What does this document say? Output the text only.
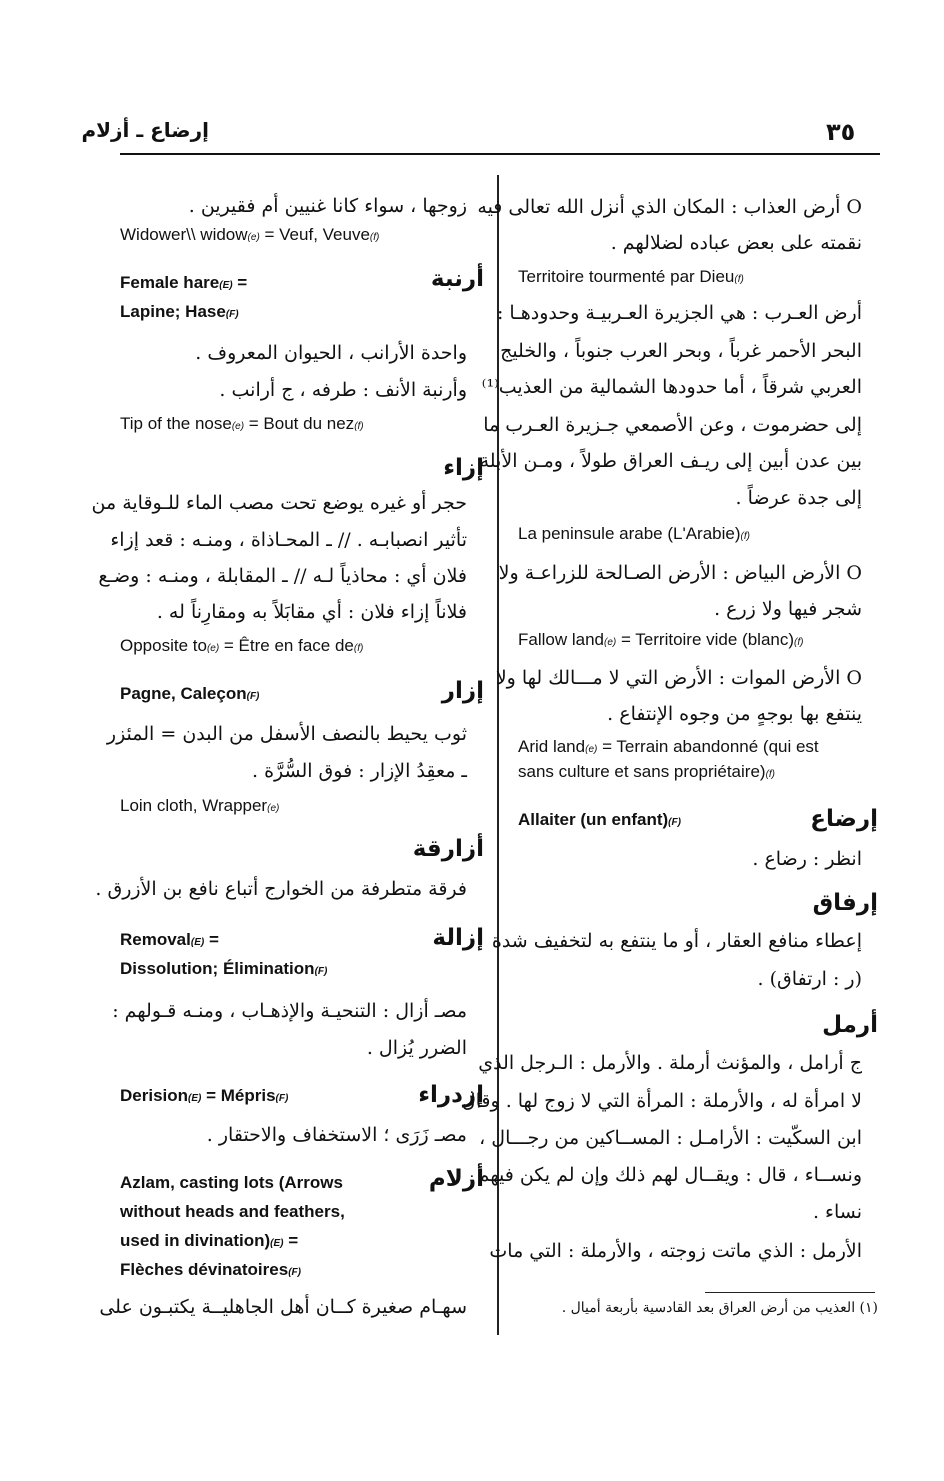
٣٥
إرضاع ـ أزلام
O أرض العذاب : المكان الذي أنزل الله تعالى فيه
نقمته على بعض عباده لضلالهم .
Territoire tourmenté par Dieu(f)
أرض العـرب : هي الجزيرة العـربيـة وحدودهـا :
البحر الأحمر غرباً ، وبحر العرب جنوباً ، والخليج
العربي شرقاً ، أما حدودها الشمالية من العذيب⁽¹⁾
إلى حضرموت ، وعن الأصمعي جـزيرة العـرب ما
بين عدن أبين إلى ريـف العراق طولاً ، ومـن الأبلة
إلى جدة عرضاً .
La peninsule arabe (L'Arabie)(f)
O الأرض البياض : الأرض الصـالحة للزراعـة ولا
شجر فيها ولا زرع .
Fallow land(e) = Territoire vide (blanc)(f)
O الأرض الموات : الأرض التي لا مـــالك لها ولا
ينتفع بها بوجهٍ من وجوه الإنتفاع .
Arid land(e) = Terrain abandonné (qui est
sans culture et sans propriétaire)(f)
إرضاع
Allaiter (un enfant)(F)
انظر : رضاع .
إرفاق
إعطاء منافع العقار ، أو ما ينتفع به لتخفيف شدة
(ر : ارتفاق) .
أرمل
ج أرامل ، والمؤنث أرملة . والأرمل : الـرجل الذي
لا امرأة له ، والأرملة : المرأة التي لا زوج لها . وقال
ابن السكّيت : الأرامـل : المســاكين من رجـــال ،
ونســاء ، قال : ويقــال لهم ذلك وإن لم يكن فيهم
نساء .
الأرمل : الذي ماتت زوجته ، والأرملة : التي مات
(١) العذيب من أرض العراق بعد القادسية بأربعة أميال .
زوجها ، سواء كانا غنيين أم فقيرين .
Widower\\ widow(e) = Veuf, Veuve(f)
أرنبة
Female hare(E) =
Lapine; Hase(F)
واحدة الأرانب ، الحيوان المعروف .
وأرنبة الأنف : طرفه ، ج أرانب .
Tip of the nose(e) = Bout du nez(f)
إزاء
حجر أو غيره يوضع تحت مصب الماء للـوقاية من
تأثير انصبابـه . // ـ المحـاذاة ، ومنـه : قعد إزاء
فلان أي : محاذياً لـه // ـ المقابلة ، ومنـه : وضـع
فلاناً إزاء فلان : أي مقابَلاً به ومقارِناً له .
Opposite to(e) = Être en face de(f)
إزار
Pagne, Caleçon(F)
ثوب يحيط بالنصف الأسفل من البدن = المئزر
ـ معقِدُ الإزار : فوق السُّرَّة .
Loin cloth, Wrapper(e)
أزارقة
فرقة متطرفة من الخوارج أتباع نافع بن الأزرق .
إزالة
Removal(E) =
Dissolution; Élimination(F)
مصـ أزال : التنحيـة والإذهـاب ، ومنـه قـولهم :
الضرر يُزال .
إزدراء
Derision(E) = Mépris(F)
مصـ زَرَى ؛ الاستخفاف والاحتقار .
أزلام
Azlam, casting lots (Arrows
without heads and feathers,
used in divination)(E) =
Flèches dévinatoires(F)
سهـام صغيرة كــان أهل الجاهليــة يكتبـون على
